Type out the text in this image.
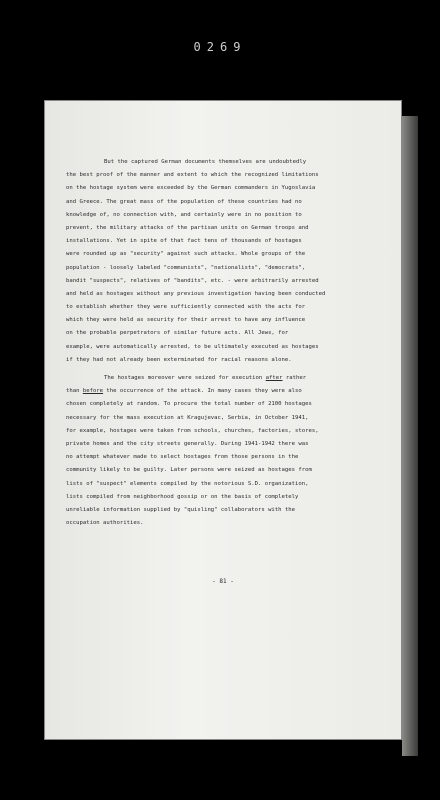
0269
But the captured German documents themselves are undoubtedly
the best proof of the manner and extent to which the recognized limitations
on the hostage system were exceeded by the German commanders in Yugoslavia
and Greece. The great mass of the population of these countries had no
knowledge of, no connection with, and certainly were in no position to
prevent, the military attacks of the partisan units on German troops and
installations. Yet in spite of that fact tens of thousands of hostages
were rounded up as "security" against such attacks. Whole groups of the
population - loosely labeled "communists", "nationalists", "democrats",
bandit "suspects", relatives of "bandits", etc. - were arbitrarily arrested
and held as hostages without any previous investigation having been conducted
to establish whether they were sufficiently connected with the acts for
which they were held as security for their arrest to have any influence
on the probable perpetrators of similar future acts. All Jews, for
example, were automatically arrested, to be ultimately executed as hostages
if they had not already been exterminated for racial reasons alone.
The hostages moreover were seized for execution after rather
than before the occurrence of the attack. In many cases they were also
chosen completely at random. To procure the total number of 2100 hostages
necessary for the mass execution at Kragujevac, Serbia, in October 1941,
for example, hostages were taken from schools, churches, factories, stores,
private homes and the city streets generally. During 1941-1942 there was
no attempt whatever made to select hostages from those persons in the
community likely to be guilty. Later persons were seized as hostages from
lists of "suspect" elements compiled by the notorious S.D. organization,
lists compiled from neighborhood gossip or on the basis of completely
unreliable information supplied by "quisling" collaborators with the
occupation authorities.
- 81 -
